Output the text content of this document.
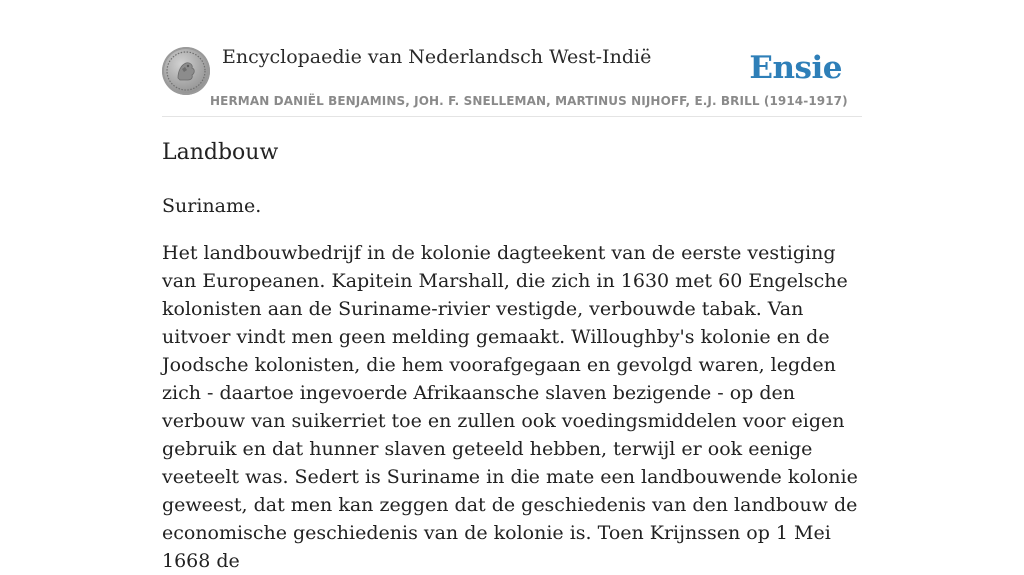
Encyclopaedie van Nederlandsch West-Indië	Ensie
HERMAN DANIËL BENJAMINS, JOH. F. SNELLEMAN, MARTINUS NIJHOFF, E.J. BRILL (1914-1917)
Landbouw

Suriname.

Het landbouwbedrijf in de kolonie dagteekent van de eerste vestiging van Europeanen. Kapitein Marshall, die zich in 1630 met 60 Engelsche kolonisten aan de Suriname-rivier vestigde, verbouwde tabak. Van uitvoer vindt men geen melding gemaakt. Willoughby's kolonie en de Joodsche kolonisten, die hem voorafgegaan en gevolgd waren, legden zich - daartoe ingevoerde Afrikaansche slaven bezigende - op den verbouw van suikerriet toe en zullen ook voedingsmiddelen voor eigen gebruik en dat hunner slaven geteeld hebben, terwijl er ook eenige veeteelt was. Sedert is Suriname in die mate een landbouwende kolonie geweest, dat men kan zeggen dat de geschiedenis van den landbouw de economische geschiedenis van de kolonie is. Toen Krijnssen op 1 Mei 1668 de
